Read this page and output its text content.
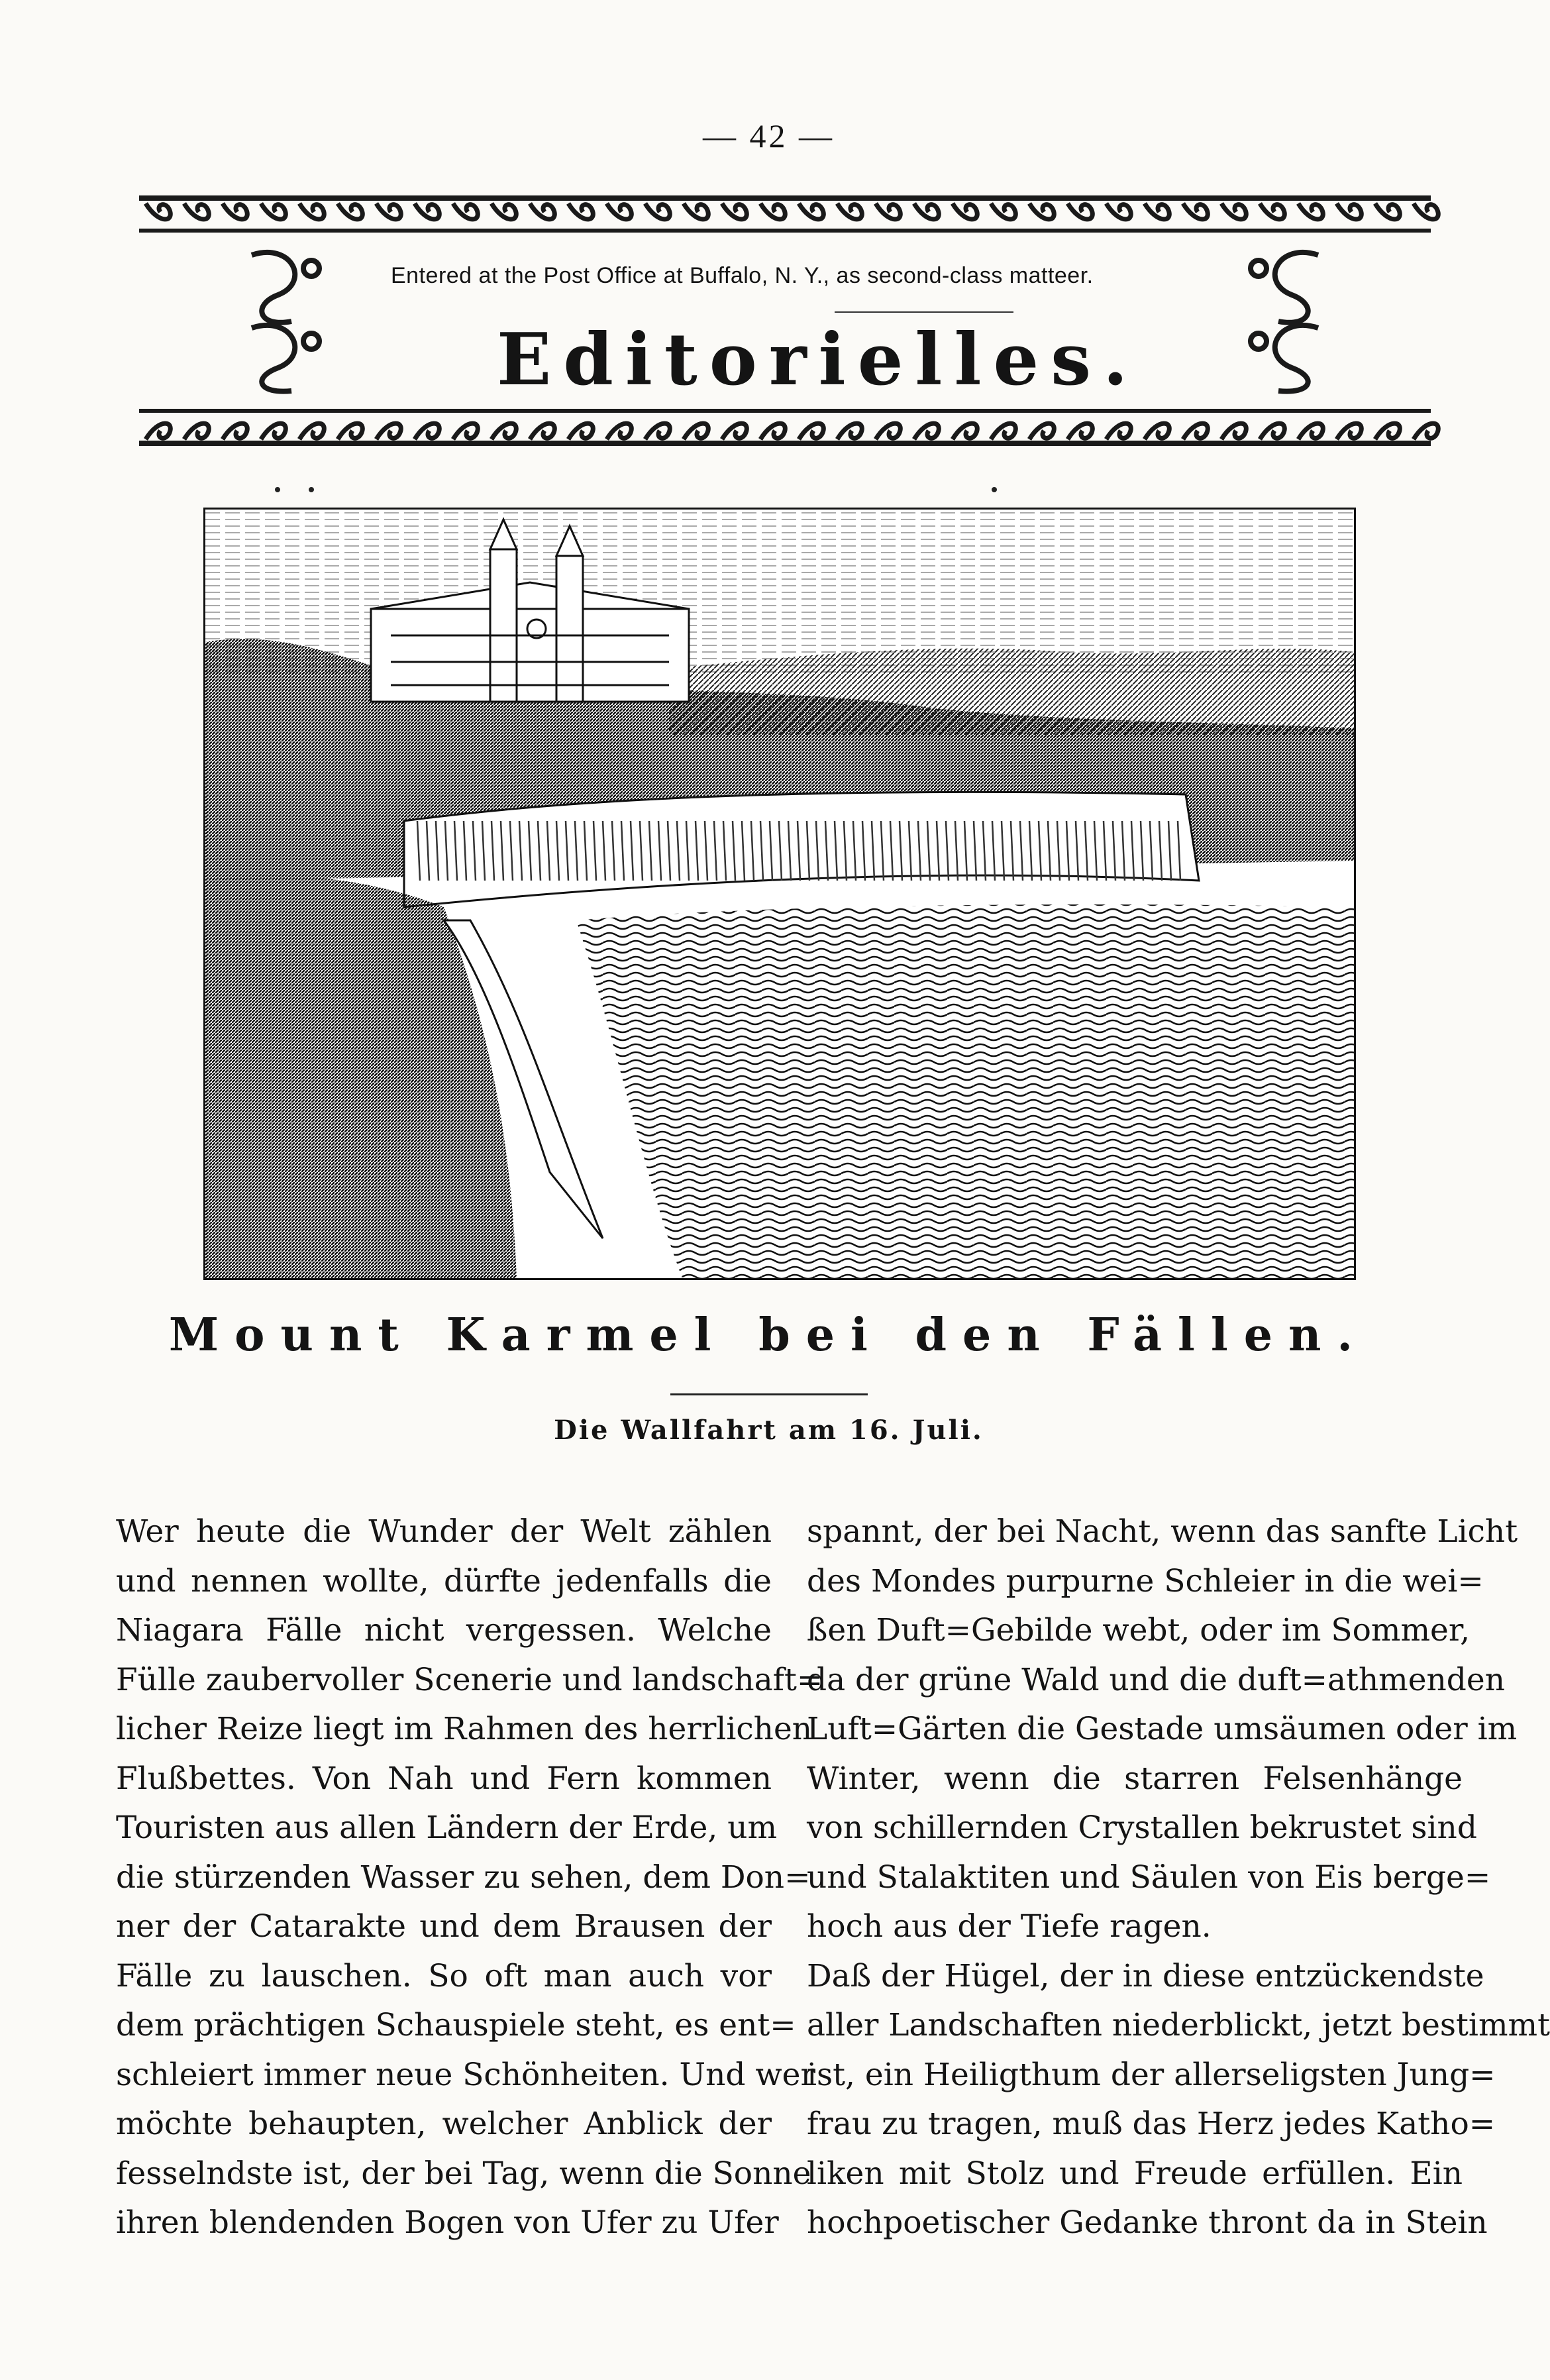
— 42 —
Entered at the Post Office at Buffalo, N. Y., as second-class matteer.
Editorielles.
Mount Karmel bei den Fällen.
Die Wallfahrt am 16. Juli.
Wer heute die Wunder der Welt zählen
und nennen wollte, dürfte jedenfalls die
Niagara Fälle nicht vergessen. Welche
Fülle zaubervoller Scenerie und landschaft=
licher Reize liegt im Rahmen des herrlichen
Flußbettes. Von Nah und Fern kommen
Touristen aus allen Ländern der Erde, um
die stürzenden Wasser zu sehen, dem Don=
ner der Cataraktе und dem Brausen der
Fälle zu lauschen. So oft man auch vor
dem prächtigen Schauspiele steht, es ent=
schleiert immer neue Schönheiten. Und wer
möchte behaupten, welcher Anblick der
fesselndste ist, der bei Tag, wenn die Sonne
ihren blendenden Bogen von Ufer zu Ufer
spannt, der bei Nacht, wenn das sanfte Licht
des Mondes purpurne Schleier in die wei=
ßen Duft=Gebilde webt, oder im Sommer,
da der grüne Wald und die duft=athmenden
Luft=Gärten die Gestade umsäumen oder im
Winter, wenn die starren Felsenhänge
von schillernden Crystallen bekrustet sind
und Stalaktiten und Säulen von Eis berge=
hoch aus der Tiefe ragen.
Daß der Hügel, der in diese entzückendste
aller Landschaften niederblickt, jetzt bestimmt
ist, ein Heiligthum der allerseligsten Jung=
frau zu tragen, muß das Herz jedes Katho=
liken mit Stolz und Freude erfüllen. Ein
hochpoetischer Gedanke thront da in Stein
